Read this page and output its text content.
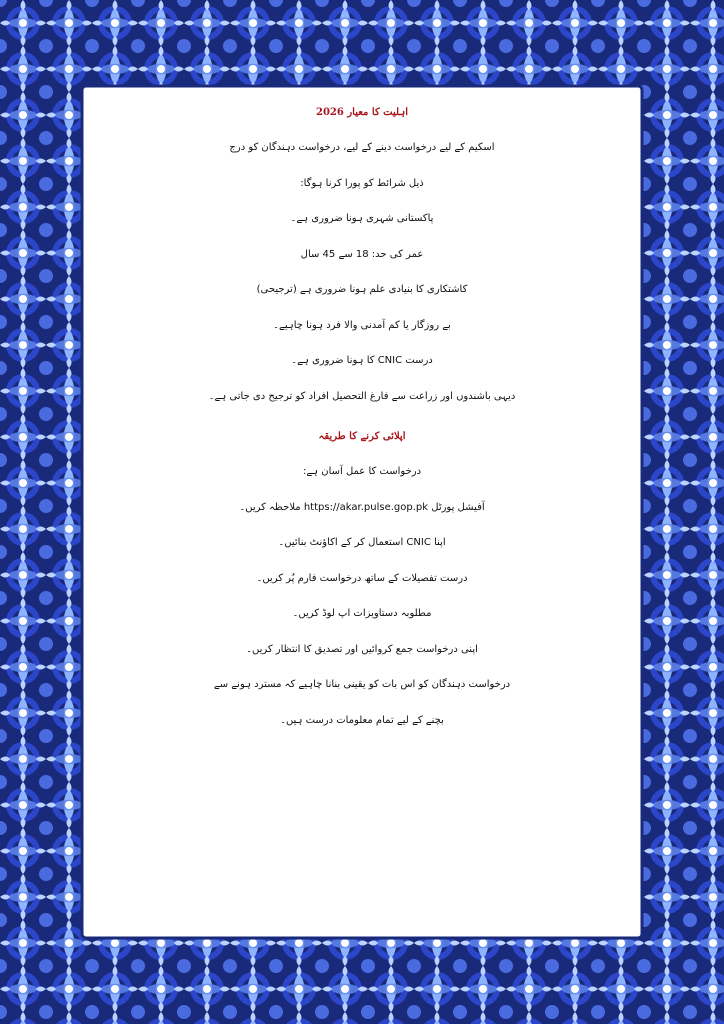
اہلیت کا معیار 2026

اسکیم کے لیے درخواست دینے کے لیے، درخواست دہندگان کو درج

ذیل شرائط کو پورا کرنا ہوگا:

پاکستانی شہری ہونا ضروری ہے۔

عمر کی حد: 18 سے 45 سال

کاشتکاری کا بنیادی علم ہونا ضروری ہے (ترجیحی)

بے روزگار یا کم آمدنی والا فرد ہونا چاہیے۔

درست CNIC کا ہونا ضروری ہے۔

دیہی باشندوں اور زراعت سے فارغ التحصیل افراد کو ترجیح دی جاتی ہے۔

اپلائی کرنے کا طریقہ

درخواست کا عمل آسان ہے:

آفیشل پورٹل https://akar.pulse.gop.pk ملاحظہ کریں۔

اپنا CNIC استعمال کر کے اکاؤنٹ بنائیں۔

درست تفصیلات کے ساتھ درخواست فارم پُر کریں۔

مطلوبہ دستاویزات اپ لوڈ کریں۔

اپنی درخواست جمع کروائیں اور تصدیق کا انتظار کریں۔

درخواست دہندگان کو اس بات کو یقینی بنانا چاہیے کہ مسترد ہونے سے

بچنے کے لیے تمام معلومات درست ہیں۔
